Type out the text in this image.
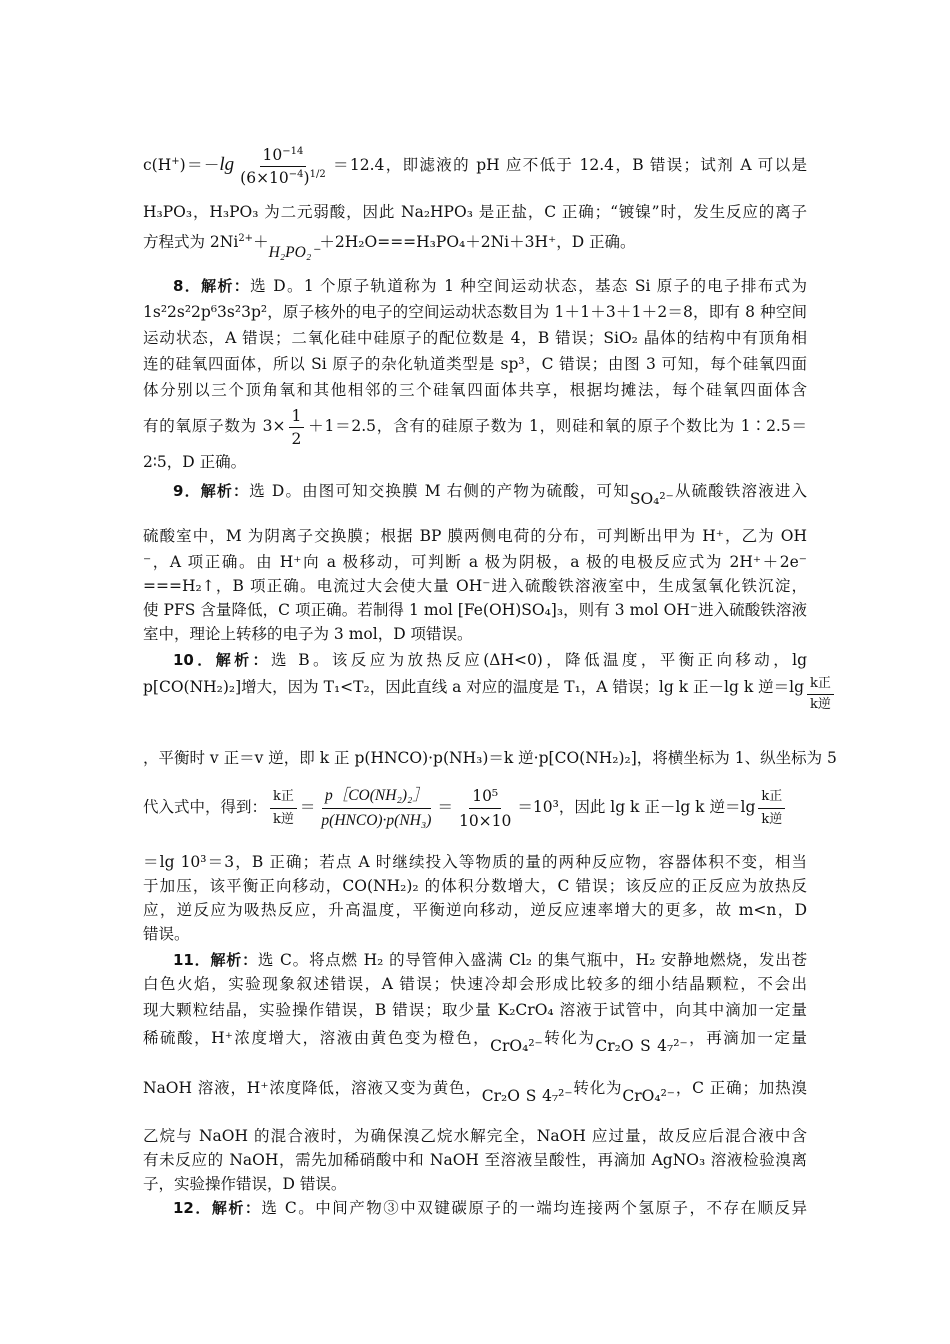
$c(H^+)=-\lg \frac{10^{-14}}{(6\times 10^{-4})^{1/2}} =12.4$，即滤液的 pH 应不低于 12.4，B 错误；试剂 A 可以是
H₃PO₃，H₃PO₃ 为二元弱酸，因此 Na₂HPO₃ 是正盐，C 正确；“镀镍”时，发生反应的离子
方程式为 $2Ni^{2+}+H_2PO_2^-+2H_2O===H_3PO_4+2Ni+3H^+$，D 正确。
8．解析：选 D。1 个原子轨道称为 1 种空间运动状态，基态 Si 原子的电子排布式为
1s²2s²2p⁶3s²3p²，原子核外的电子的空间运动状态数目为 1＋1＋3＋1＋2＝8，即有 8 种空间
运动状态，A 错误；二氧化硅中硅原子的配位数是 4，B 错误；SiO₂ 晶体的结构中有顶角相
连的硅氧四面体，所以 Si 原子的杂化轨道类型是 sp³，C 错误；由图 3 可知，每个硅氧四面
体分别以三个顶角氧和其他相邻的三个硅氧四面体共享，根据均摊法，每个硅氧四面体含
有的氧原子数为 $3\times \frac{1}{2} +1=2.5$，含有的硅原子数为 1，则硅和氧的原子个数比为 1∶2.5＝
2∶5，D 正确。
9．解析：选 D。由图可知交换膜 M 右侧的产物为硫酸，可知SO₄²⁻从硫酸铁溶液进入
硫酸室中，M 为阴离子交换膜；根据 BP 膜两侧电荷的分布，可判断出甲为 H⁺，乙为 OH
⁻，A 项正确。由 H⁺向 a 极移动，可判断 a 极为阴极，a 极的电极反应式为 2H⁺＋2e⁻
===H₂↑，B 项正确。电流过大会使大量 OH⁻进入硫酸铁溶液室中，生成氢氧化铁沉淀，
使 PFS 含量降低，C 项正确。若制得 1 mol [Fe(OH)SO₄]₃，则有 3 mol OH⁻进入硫酸铁溶液
室中，理论上转移的电子为 3 mol，D 项错误。
10．解析：选 B。该反应为放热反应(ΔH<0)，降低温度，平衡正向移动，lg
p[CO(NH₂)₂]增大，因为 T₁<T₂，因此直线 a 对应的温度是 T₁，A 错误；lg k 正－lg k 逆$=\lg \frac{\text{k正}}{\text{k逆}}$
，平衡时 v 正＝v 逆，即 k 正 p(HNCO)·p(NH₃)＝k 逆·p[CO(NH₂)₂]，将横坐标为 1、纵坐标为 5
代入式中，得到： $\frac{\text{k正}}{\text{k逆}} = \frac{\text{p［CO(NH₂)₂］}}{\text{p(HNCO)·p(NH₃)}} = \frac{\text{10⁵}}{10\times 10} =10^3$，因此 lg k 正－lg k 逆$=\lg \frac{\text{k正}}{\text{k逆}}$
＝lg 10³＝3，B 正确；若点 A 时继续投入等物质的量的两种反应物，容器体积不变，相当
于加压，该平衡正向移动，CO(NH₂)₂ 的体积分数增大，C 错误；该反应的正反应为放热反
应，逆反应为吸热反应，升高温度，平衡逆向移动，逆反应速率增大的更多，故 m<n，D
错误。
11．解析：选 C。将点燃 H₂ 的导管伸入盛满 Cl₂ 的集气瓶中，H₂ 安静地燃烧，发出苍
白色火焰，实验现象叙述错误，A 错误；快速冷却会形成比较多的细小结晶颗粒，不会出
现大颗粒结晶，实验操作错误，B 错误；取少量 K₂CrO₄ 溶液于试管中，向其中滴加一定量
稀硫酸，H⁺浓度增大，溶液由黄色变为橙色，CrO₄²⁻转化为Cr₂O S 4₇²⁻，再滴加一定量
NaOH 溶液，H⁺浓度降低，溶液又变为黄色，Cr₂O S 4₇²⁻转化为CrO₄²⁻，C 正确；加热溴
乙烷与 NaOH 的混合液时，为确保溴乙烷水解完全，NaOH 应过量，故反应后混合液中含
有未反应的 NaOH，需先加稀硝酸中和 NaOH 至溶液呈酸性，再滴加 AgNO₃ 溶液检验溴离
子，实验操作错误，D 错误。
12．解析：选 C。中间产物③中双键碳原子的一端均连接两个氢原子，不存在顺反异
